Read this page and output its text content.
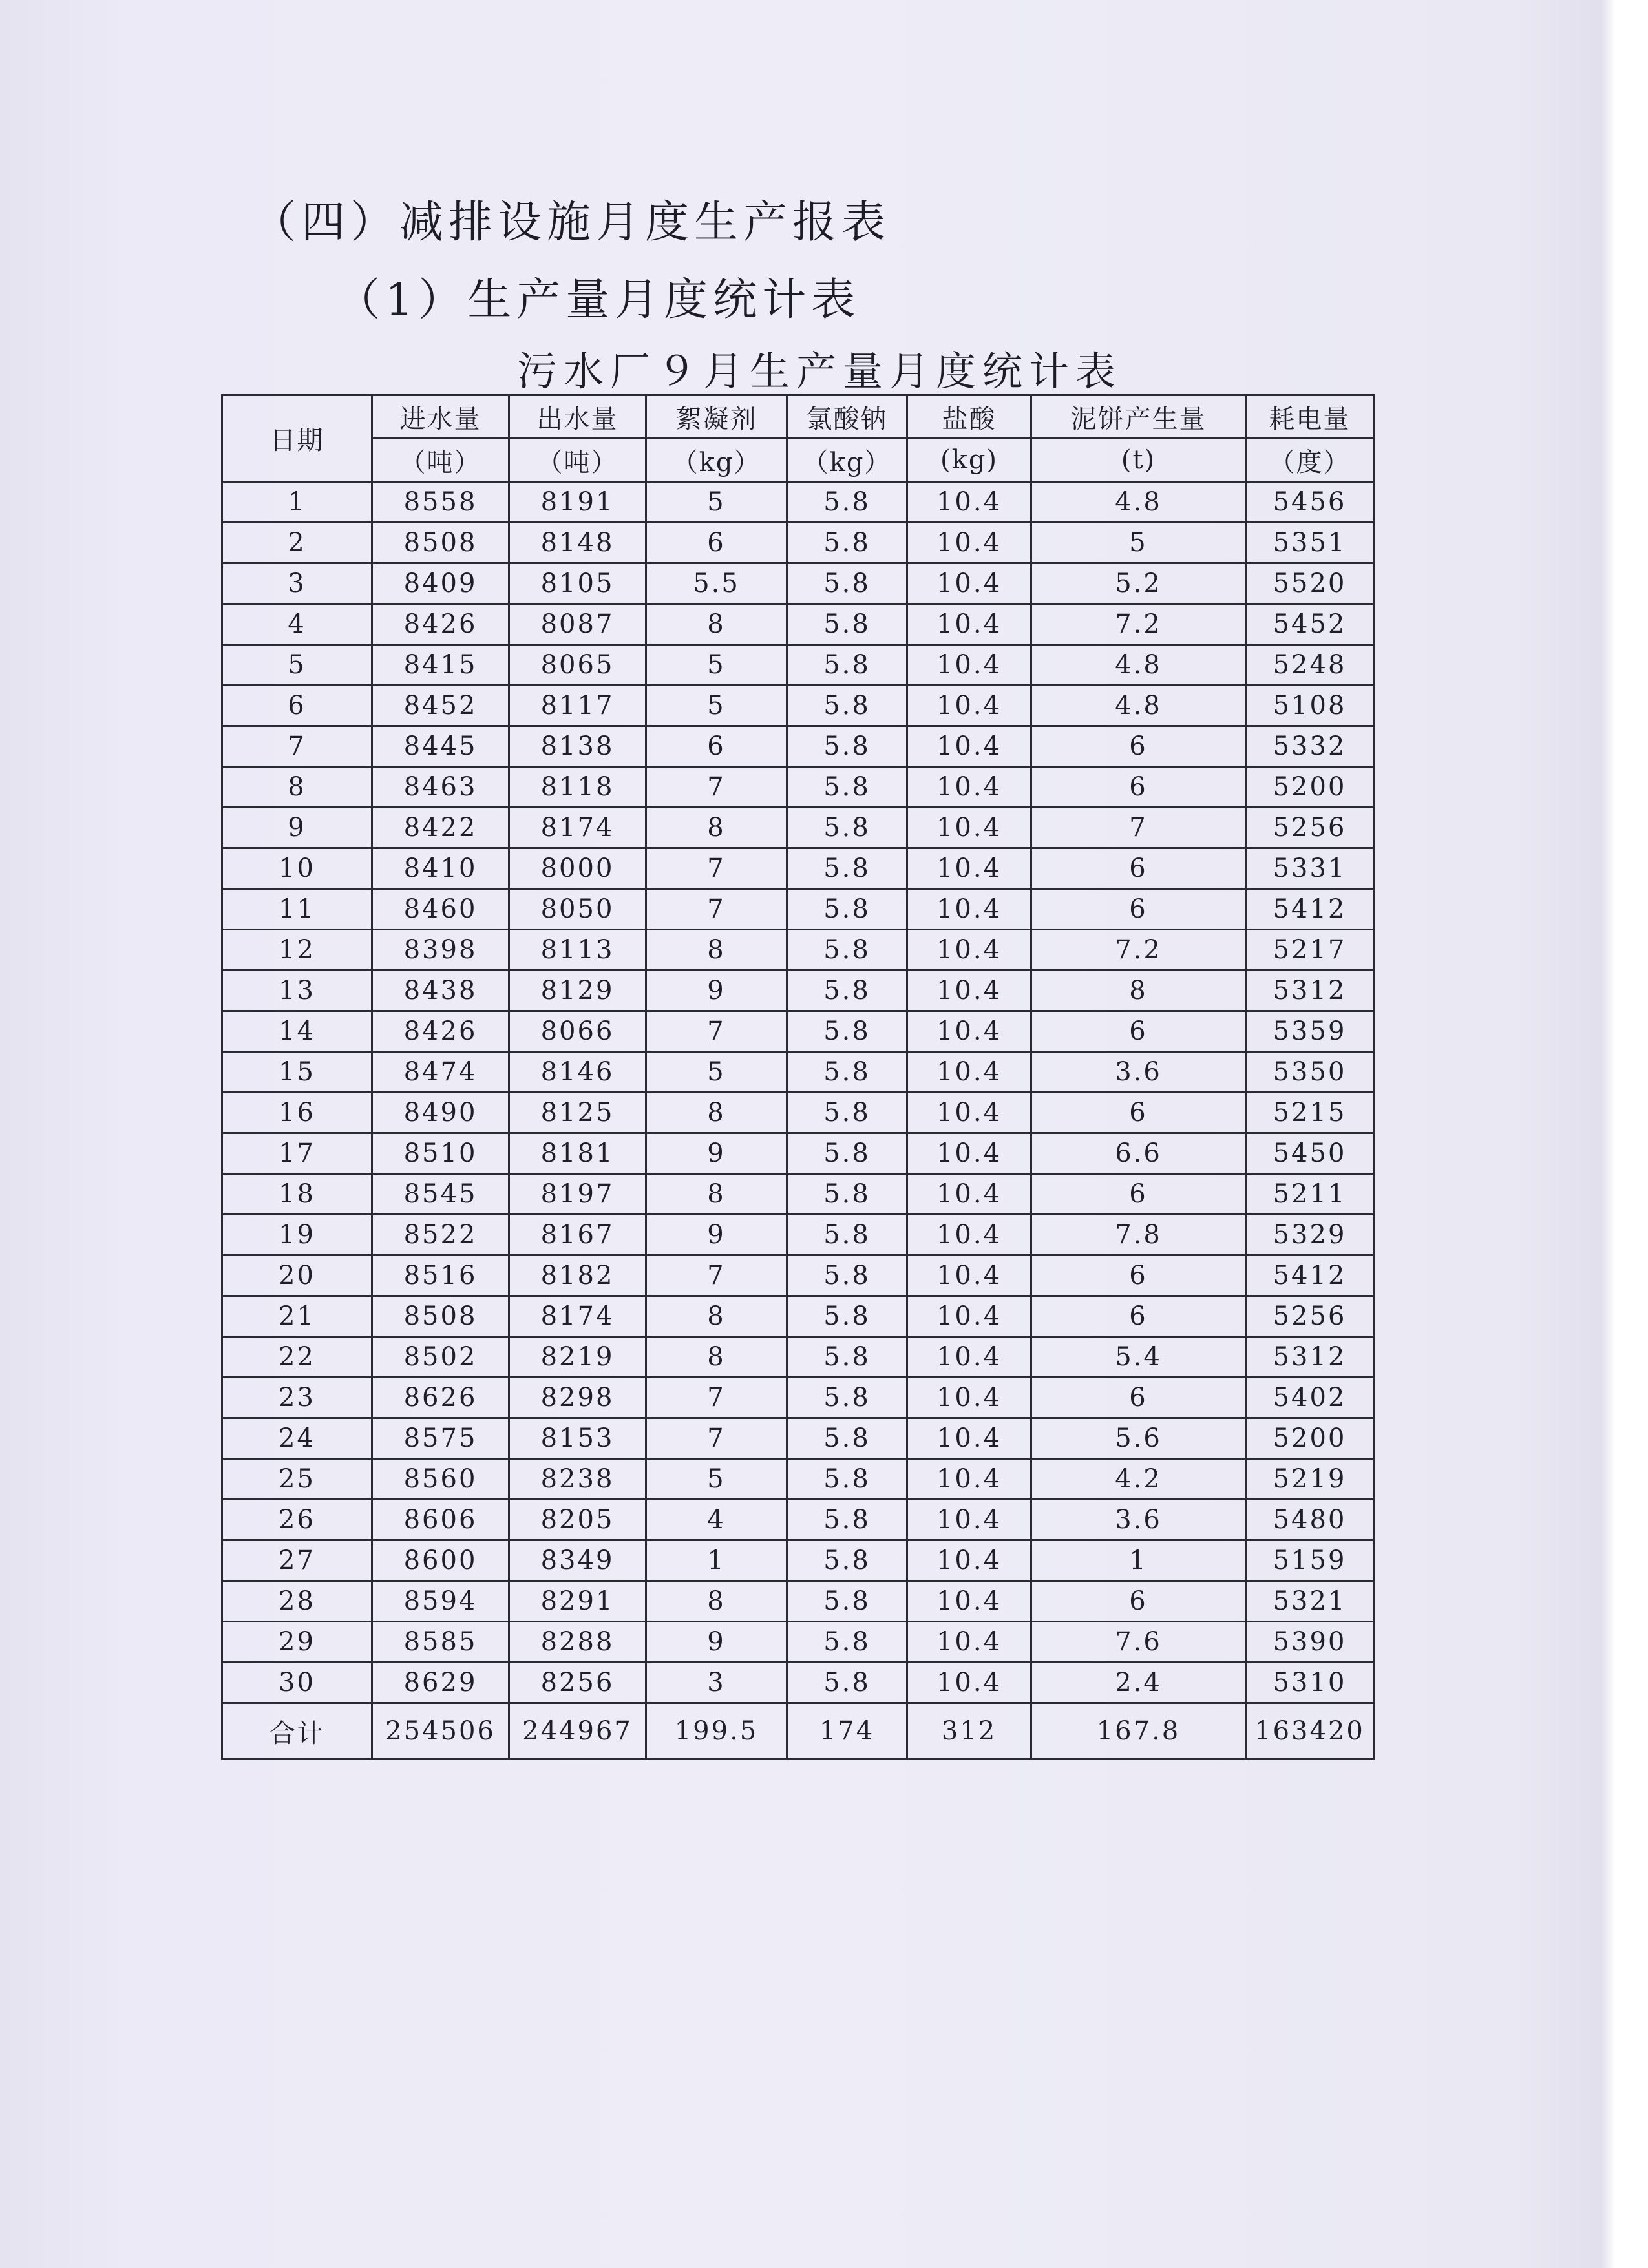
（四）减排设施月度生产报表
（1）生产量月度统计表
污水厂９月生产量月度统计表
日期	进水量	出水量	絮凝剂	氯酸钠	盐酸	泥饼产生量	耗电量
	（吨）	（吨）	（kg）	（kg）	(kg)	(t)	（度）
1	8558	8191	5	5.8	10.4	4.8	5456
2	8508	8148	6	5.8	10.4	5	5351
3	8409	8105	5.5	5.8	10.4	5.2	5520
4	8426	8087	8	5.8	10.4	7.2	5452
5	8415	8065	5	5.8	10.4	4.8	5248
6	8452	8117	5	5.8	10.4	4.8	5108
7	8445	8138	6	5.8	10.4	6	5332
8	8463	8118	7	5.8	10.4	6	5200
9	8422	8174	8	5.8	10.4	7	5256
10	8410	8000	7	5.8	10.4	6	5331
11	8460	8050	7	5.8	10.4	6	5412
12	8398	8113	8	5.8	10.4	7.2	5217
13	8438	8129	9	5.8	10.4	8	5312
14	8426	8066	7	5.8	10.4	6	5359
15	8474	8146	5	5.8	10.4	3.6	5350
16	8490	8125	8	5.8	10.4	6	5215
17	8510	8181	9	5.8	10.4	6.6	5450
18	8545	8197	8	5.8	10.4	6	5211
19	8522	8167	9	5.8	10.4	7.8	5329
20	8516	8182	7	5.8	10.4	6	5412
21	8508	8174	8	5.8	10.4	6	5256
22	8502	8219	8	5.8	10.4	5.4	5312
23	8626	8298	7	5.8	10.4	6	5402
24	8575	8153	7	5.8	10.4	5.6	5200
25	8560	8238	5	5.8	10.4	4.2	5219
26	8606	8205	4	5.8	10.4	3.6	5480
27	8600	8349	1	5.8	10.4	1	5159
28	8594	8291	8	5.8	10.4	6	5321
29	8585	8288	9	5.8	10.4	7.6	5390
30	8629	8256	3	5.8	10.4	2.4	5310
合计	254506	244967	199.5	174	312	167.8	163420
